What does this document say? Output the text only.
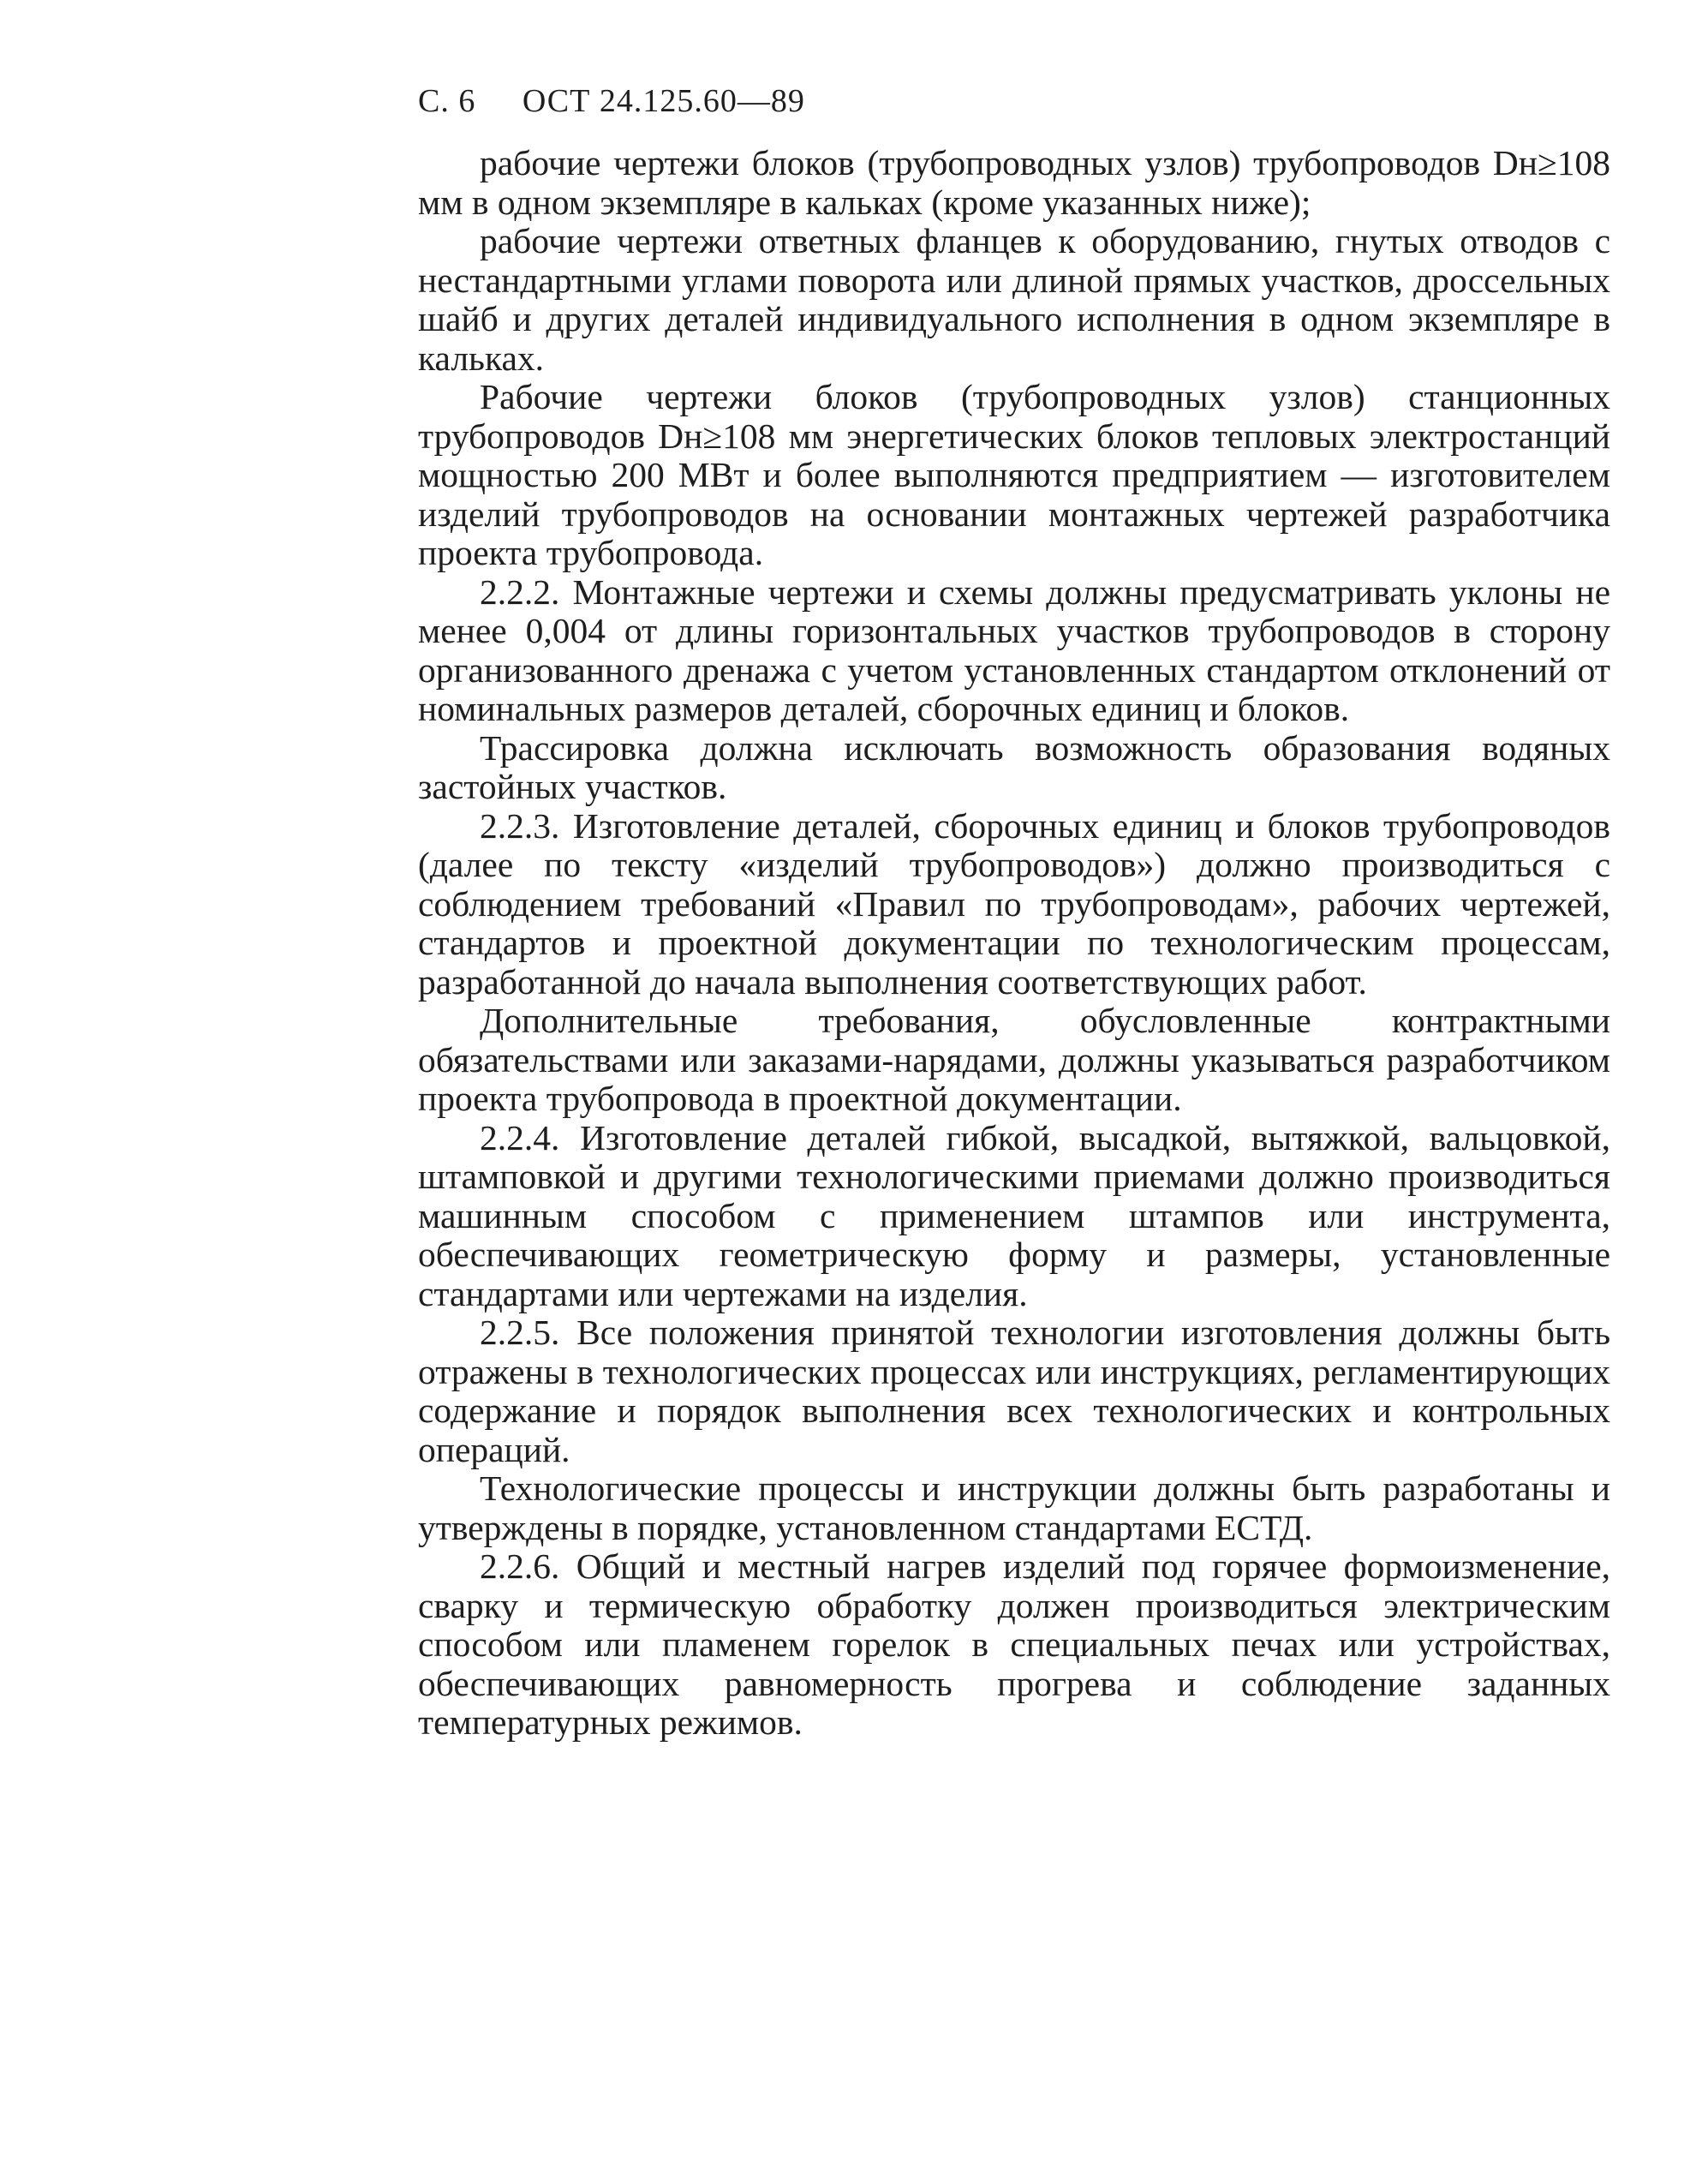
С. 6 ОСТ 24.125.60—89

рабочие чертежи блоков (трубопроводных узлов) трубопроводов Dн≥108 мм в одном экземпляре в кальках (кроме указанных ниже);

рабочие чертежи ответных фланцев к оборудованию, гнутых отводов с нестандартными углами поворота или длиной прямых участков, дроссельных шайб и других деталей индивидуального исполнения в одном экземпляре в кальках.

Рабочие чертежи блоков (трубопроводных узлов) станционных трубопроводов Dн≥108 мм энергетических блоков тепловых электростанций мощностью 200 МВт и более выполняются предприятием — изготовителем изделий трубопроводов на основании монтажных чертежей разработчика проекта трубопровода.

2.2.2. Монтажные чертежи и схемы должны предусматривать уклоны не менее 0,004 от длины горизонтальных участков трубопроводов в сторону организованного дренажа с учетом установленных стандартом отклонений от номинальных размеров деталей, сборочных единиц и блоков.

Трассировка должна исключать возможность образования водяных застойных участков.

2.2.3. Изготовление деталей, сборочных единиц и блоков трубопроводов (далее по тексту «изделий трубопроводов») должно производиться с соблюдением требований «Правил по трубопроводам», рабочих чертежей, стандартов и проектной документации по технологическим процессам, разработанной до начала выполнения соответствующих работ.

Дополнительные требования, обусловленные контрактными обязательствами или заказами-нарядами, должны указываться разработчиком проекта трубопровода в проектной документации.

2.2.4. Изготовление деталей гибкой, высадкой, вытяжкой, вальцовкой, штамповкой и другими технологическими приемами должно производиться машинным способом с применением штампов или инструмента, обеспечивающих геометрическую форму и размеры, установленные стандартами или чертежами на изделия.

2.2.5. Все положения принятой технологии изготовления должны быть отражены в технологических процессах или инструкциях, регламентирующих содержание и порядок выполнения всех технологических и контрольных операций.

Технологические процессы и инструкции должны быть разработаны и утверждены в порядке, установленном стандартами ЕСТД.

2.2.6. Общий и местный нагрев изделий под горячее формоизменение, сварку и термическую обработку должен производиться электрическим способом или пламенем горелок в специальных печах или устройствах, обеспечивающих равномерность прогрева и соблюдение заданных температурных режимов.
